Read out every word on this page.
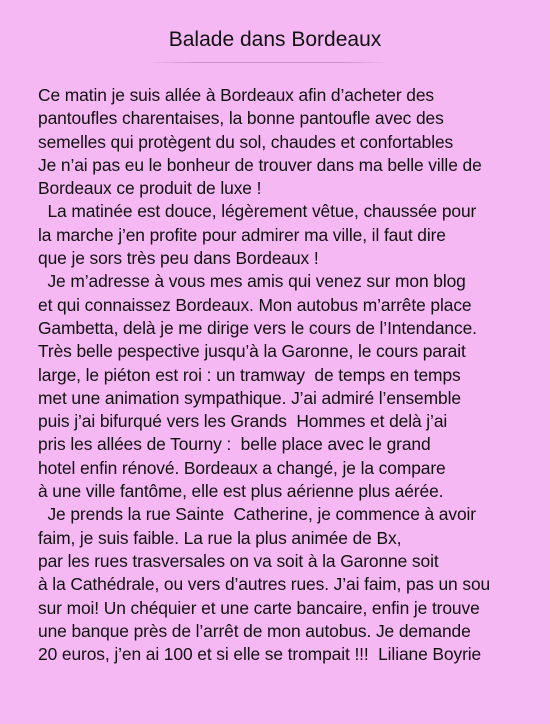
Balade dans Bordeaux
Ce matin je suis allée à Bordeaux afin d’acheter des
pantoufles charentaises, la bonne pantoufle avec des
semelles qui protègent du sol, chaudes et confortables
Je n’ai pas eu le bonheur de trouver dans ma belle ville de
Bordeaux ce produit de luxe !
La matinée est douce, légèrement vêtue, chaussée pour
la marche j’en profite pour admirer ma ville, il faut dire
que je sors très peu dans Bordeaux !
Je m’adresse à vous mes amis qui venez sur mon blog
et qui connaissez Bordeaux. Mon autobus m’arrête place
Gambetta, delà je me dirige vers le cours de l’Intendance.
Très belle pespective jusqu’à la Garonne, le cours parait
large, le piéton est roi : un tramway  de temps en temps
met une animation sympathique. J’ai admiré l’ensemble
puis j’ai bifurqué vers les Grands  Hommes et delà j’ai
pris les allées de Tourny :  belle place avec le grand
hotel enfin rénové. Bordeaux a changé, je la compare
à une ville fantôme, elle est plus aérienne plus aérée.
Je prends la rue Sainte  Catherine, je commence à avoir
faim, je suis faible. La rue la plus animée de Bx,
par les rues trasversales on va soit à la Garonne soit
à la Cathédrale, ou vers d’autres rues. J’ai faim, pas un sou
sur moi! Un chéquier et une carte bancaire, enfin je trouve
une banque près de l’arrêt de mon autobus. Je demande
20 euros, j’en ai 100 et si elle se trompait !!!  Liliane Boyrie
